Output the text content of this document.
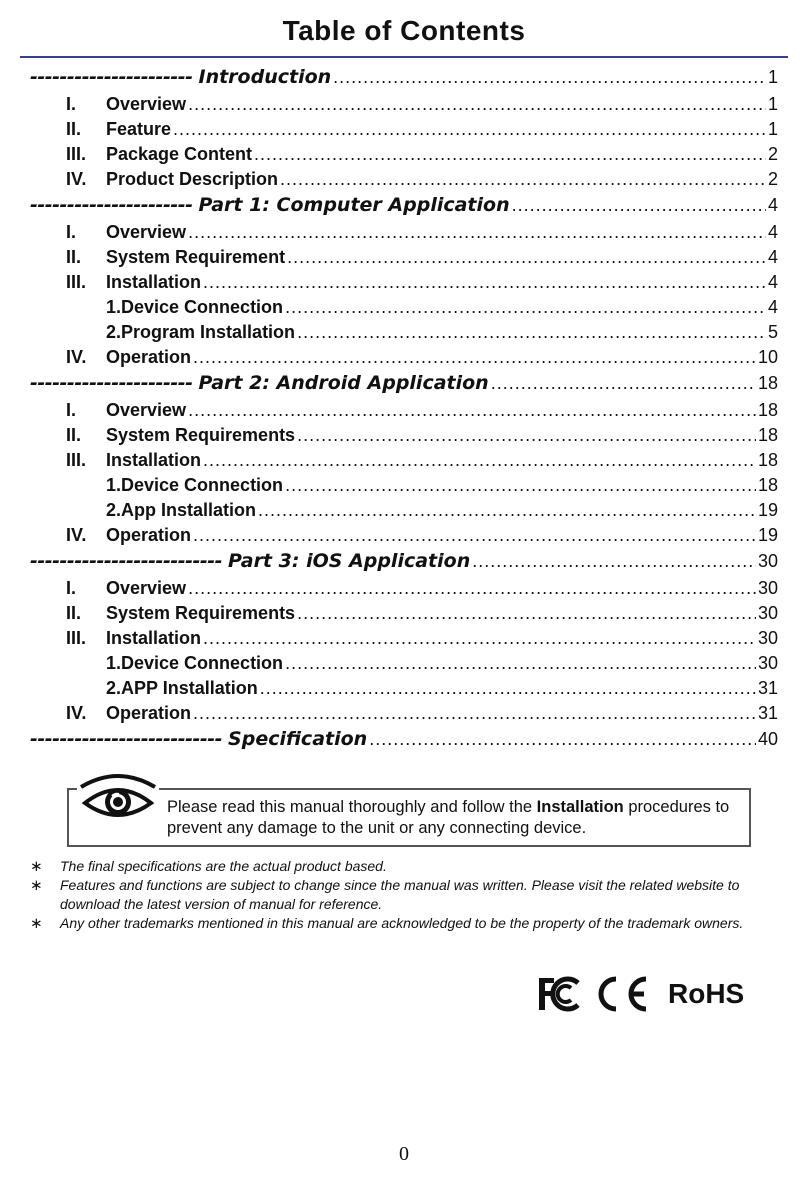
Table of Contents
---------------------- Introduction .....	1
I.	Overview .....	1
II.	Feature .....	1
III.	Package Content .....	2
IV.	Product Description .....	2
---------------------- Part 1: Computer Application .....	4
I.	Overview .....	4
II.	System Requirement .....	4
III.	Installation .....	4
1. Device Connection .....	4
2. Program Installation .....	5
IV.	Operation .....	10
---------------------- Part 2: Android Application .....	18
I.	Overview .....	18
II.	System Requirements .....	18
III.	Installation .....	18
1. Device Connection .....	18
2. App Installation .....	19
IV.	Operation .....	19
-------------------------- Part 3: iOS Application .....	30
I.	Overview .....	30
II.	System Requirements .....	30
III.	Installation .....	30
1. Device Connection .....	30
2. APP Installation .....	31
IV.	Operation .....	31
-------------------------- Specification .....	40
Please read this manual thoroughly and follow the Installation procedures to prevent any damage to the unit or any connecting device.
∗	The final specifications are the actual product based.
∗	Features and functions are subject to change since the manual was written. Please visit the related website to download the latest version of manual for reference.
∗	Any other trademarks mentioned in this manual are acknowledged to be the property of the trademark owners.
RoHS
0
